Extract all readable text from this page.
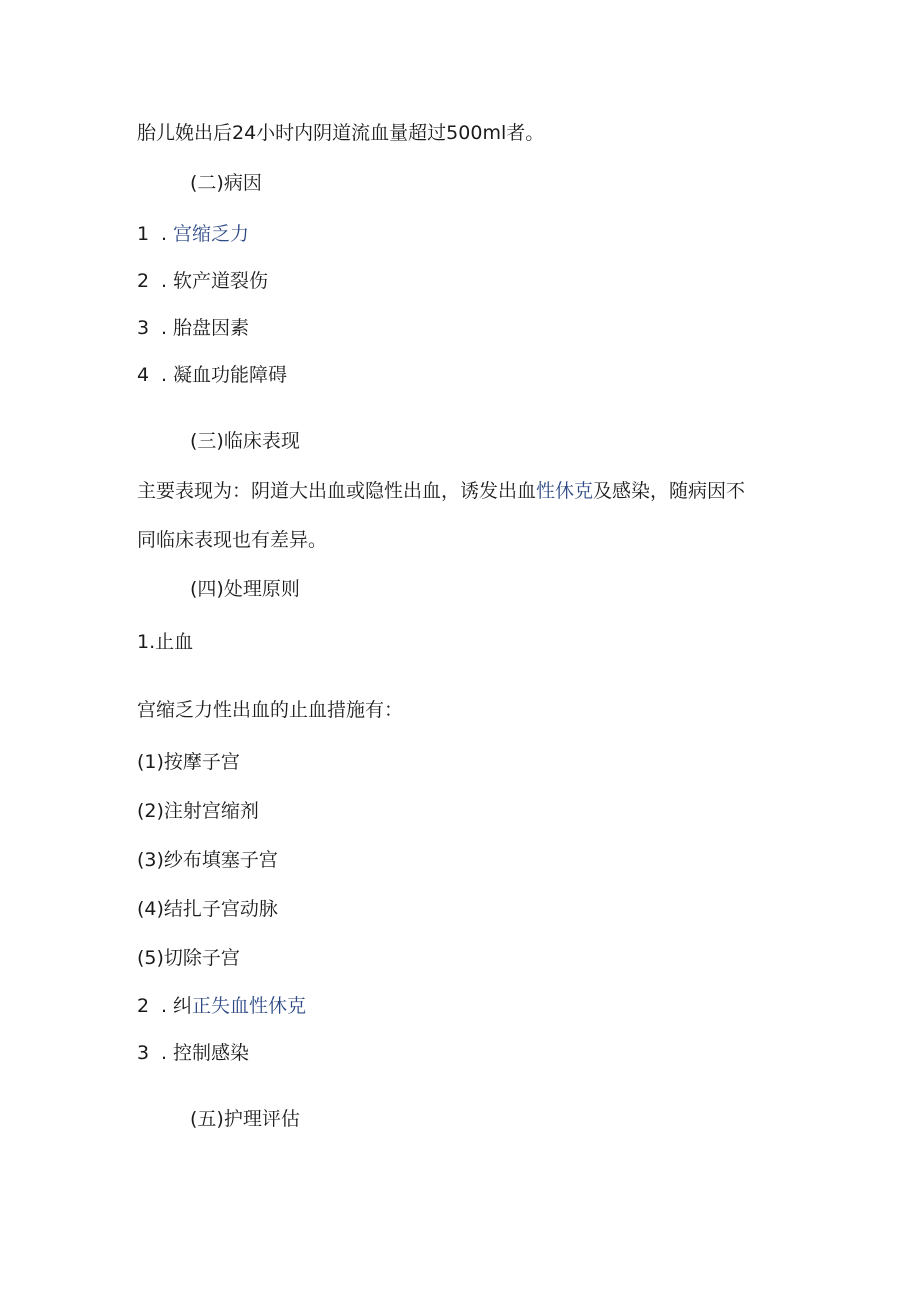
胎儿娩出后24小时内阴道流血量超过500ml者。
(二)病因
1 . 宫缩乏力
2 . 软产道裂伤
3 . 胎盘因素
4 . 凝血功能障碍
(三)临床表现
主要表现为：阴道大出血或隐性出血，诱发出血性休克及感染，随病因不
同临床表现也有差异。
(四)处理原则
1.止血
宫缩乏力性出血的止血措施有：
(1)按摩子宫
(2)注射宫缩剂
(3)纱布填塞子宫
(4)结扎子宫动脉
(5)切除子宫
2 . 纠正失血性休克
3 . 控制感染
(五)护理评估
